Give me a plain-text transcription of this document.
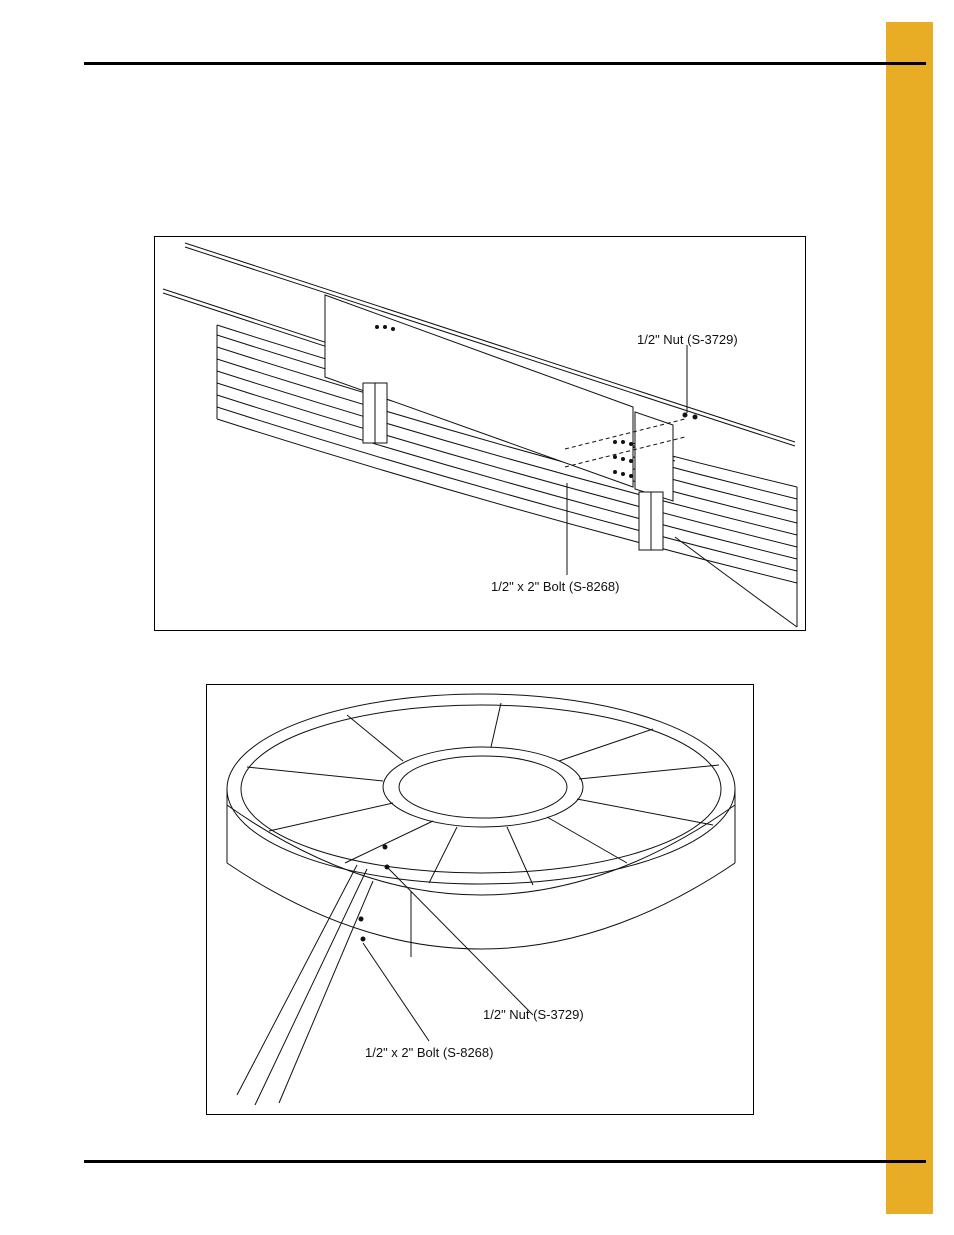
1/2" Nut (S-3729)
1/2" x 2" Bolt (S-8268)
1/2" Nut (S-3729)
1/2" x 2" Bolt (S-8268)
